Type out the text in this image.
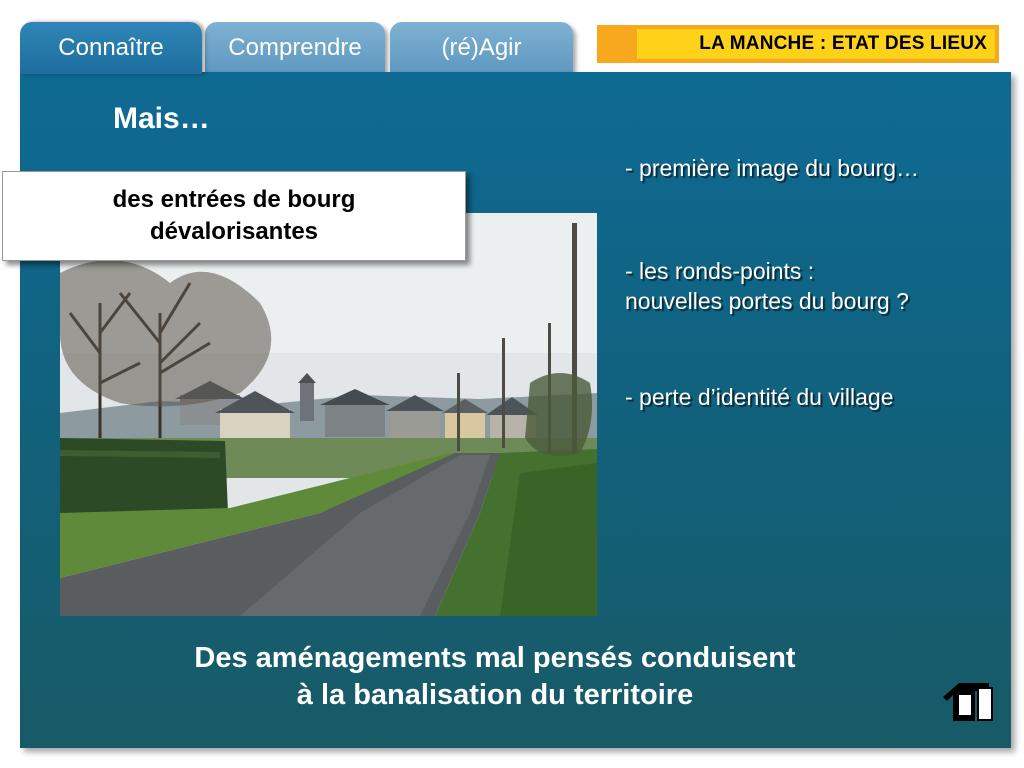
Connaître	Comprendre	(ré)Agir	LA MANCHE : ETAT DES LIEUX
Mais…
des entrées de bourg
dévalorisantes
- première image du bourg…
- les ronds-points :
nouvelles portes du bourg ?
- perte d’identité du village
Des aménagements mal pensés conduisent
à la banalisation du territoire
